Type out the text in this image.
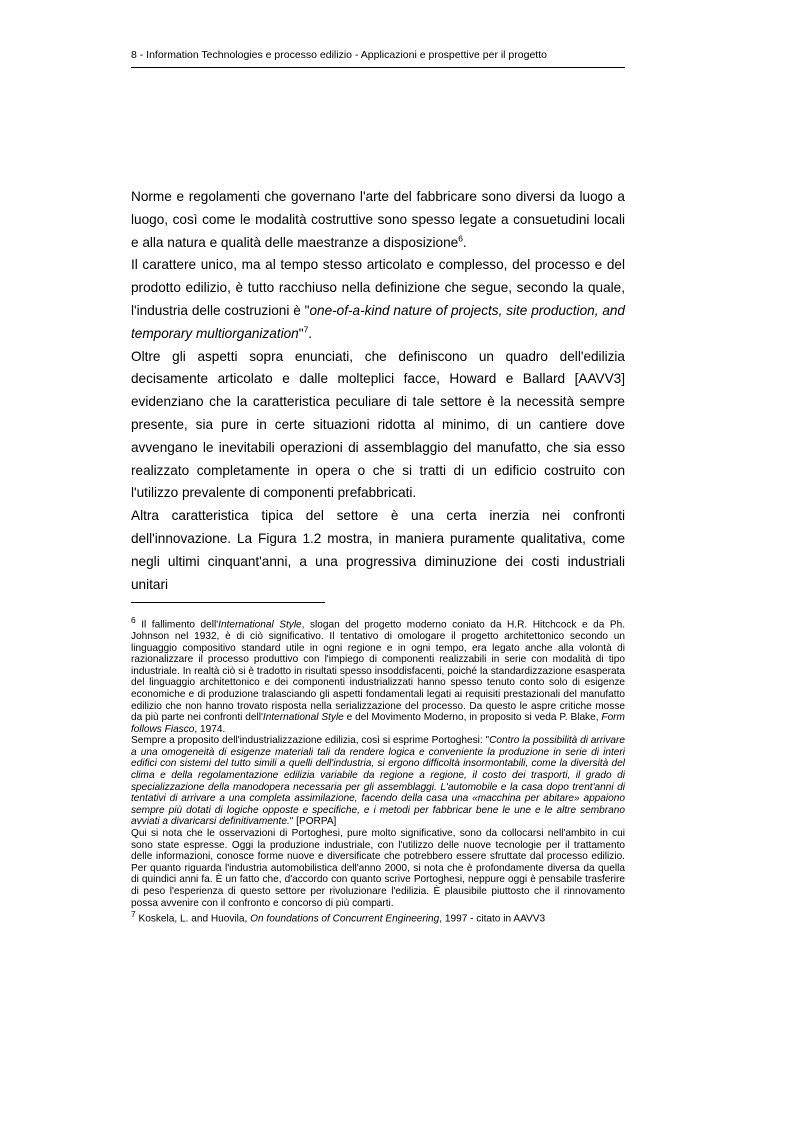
8 - Information Technologies e processo edilizio - Applicazioni e prospettive per il progetto

Norme e regolamenti che governano l'arte del fabbricare sono diversi da luogo a luogo, così come le modalità costruttive sono spesso legate a consuetudini locali e alla natura e qualità delle maestranze a disposizione$^6$.

Il carattere unico, ma al tempo stesso articolato e complesso, del processo e del prodotto edilizio, è tutto racchiuso nella definizione che segue, secondo la quale, l'industria delle costruzioni è "one-of-a-kind nature of projects, site production, and temporary multiorganization"$^7$.

Oltre gli aspetti sopra enunciati, che definiscono un quadro dell'edilizia decisamente articolato e dalle molteplici facce, Howard e Ballard [AAVV3] evidenziano che la caratteristica peculiare di tale settore è la necessità sempre presente, sia pure in certe situazioni ridotta al minimo, di un cantiere dove avvengano le inevitabili operazioni di assemblaggio del manufatto, che sia esso realizzato completamente in opera o che si tratti di un edificio costruito con l'utilizzo prevalente di componenti prefabbricati.

Altra caratteristica tipica del settore è una certa inerzia nei confronti dell'innovazione. La Figura 1.2 mostra, in maniera puramente qualitativa, come negli ultimi cinquant'anni, a una progressiva diminuzione dei costi industriali unitari

$^6$ Il fallimento dell'International Style, slogan del progetto moderno coniato da H.R. Hitchcock e da Ph. Johnson nel 1932, è di ciò significativo. Il tentativo di omologare il progetto architettonico secondo un linguaggio compositivo standard utile in ogni regione e in ogni tempo, era legato anche alla volontà di razionalizzare il processo produttivo con l'impiego di componenti realizzabili in serie con modalità di tipo industriale. In realtà ciò si è tradotto in risultati spesso insoddisfacenti, poiché la standardizzazione esasperata del linguaggio architettonico e dei componenti industrializzati hanno spesso tenuto conto solo di esigenze economiche e di produzione tralasciando gli aspetti fondamentali legati ai requisiti prestazionali del manufatto edilizio che non hanno trovato risposta nella serializzazione del processo. Da questo le aspre critiche mosse da più parte nei confronti dell'International Style e del Movimento Moderno, in proposito si veda P. Blake, Form follows Fiasco, 1974.

Sempre a proposito dell'industrializzazione edilizia, così si esprime Portoghesi: "Contro la possibilità di arrivare a una omogeneità di esigenze materiali tali da rendere logica e conveniente la produzione in serie di interi edifici con sistemi del tutto simili a quelli dell'industria, si ergono difficoltà insormontabili, come la diversità del clima e della regolamentazione edilizia variabile da regione a regione, il costo dei trasporti, il grado di specializzazione della manodopera necessaria per gli assemblaggi. L'automobile e la casa dopo trent'anni di tentativi di arrivare a una completa assimilazione, facendo della casa una «macchina per abitare» appaiono sempre più dotati di logiche opposte e specifiche, e i metodi per fabbricar bene le une e le altre sembrano avviati a divaricarsi definitivamente." [PORPA]

Qui si nota che le osservazioni di Portoghesi, pure molto significative, sono da collocarsi nell'ambito in cui sono state espresse. Oggi la produzione industriale, con l'utilizzo delle nuove tecnologie per il trattamento delle informazioni, conosce forme nuove e diversificate che potrebbero essere sfruttate dal processo edilizio. Per quanto riguarda l'industria automobilistica dell'anno 2000, si nota che è profondamente diversa da quella di quindici anni fa. È un fatto che, d'accordo con quanto scrive Portoghesi, neppure oggi è pensabile trasferire di peso l'esperienza di questo settore per rivoluzionare l'edilizia. È plausibile piuttosto che il rinnovamento possa avvenire con il confronto e concorso di più comparti.

$^7$ Koskela, L. and Huovila, On foundations of Concurrent Engineering, 1997 - citato in AAVV3
